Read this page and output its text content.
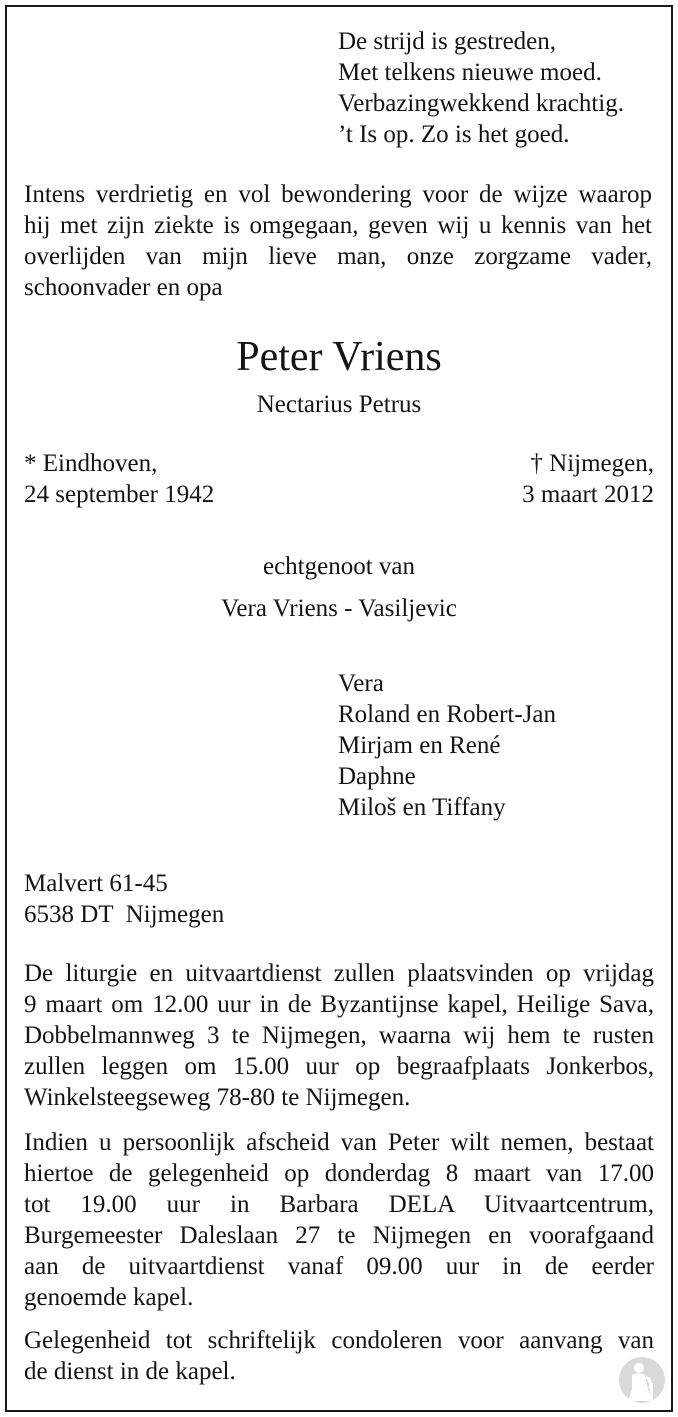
De strijd is gestreden,
Met telkens nieuwe moed.
Verbazingwekkend krachtig.
’t Is op. Zo is het goed.
Intens verdrietig en vol bewondering voor de wijze waarop
hij met zijn ziekte is omgegaan, geven wij u kennis van het
overlijden van mijn lieve man, onze zorgzame vader,
schoonvader en opa
Peter Vriens
Nectarius Petrus
* Eindhoven,
24 september 1942
† Nijmegen,
3 maart 2012
echtgenoot van
Vera Vriens - Vasiljevic
Vera
Roland en Robert-Jan
Mirjam en René
Daphne
Miloš en Tiffany
Malvert 61-45
6538 DT  Nijmegen
De liturgie en uitvaartdienst zullen plaatsvinden op vrijdag
9 maart om 12.00 uur in de Byzantijnse kapel, Heilige Sava,
Dobbelmannweg 3 te Nijmegen, waarna wij hem te rusten
zullen leggen om 15.00 uur op begraafplaats Jonkerbos,
Winkelsteegseweg 78-80 te Nijmegen.
Indien u persoonlijk afscheid van Peter wilt nemen, bestaat
hiertoe de gelegenheid op donderdag 8 maart van 17.00
tot 19.00 uur in Barbara DELA Uitvaartcentrum,
Burgemeester Daleslaan 27 te Nijmegen en voorafgaand
aan de uitvaartdienst vanaf 09.00 uur in de eerder
genoemde kapel.
Gelegenheid tot schriftelijk condoleren voor aanvang van
de dienst in de kapel.
